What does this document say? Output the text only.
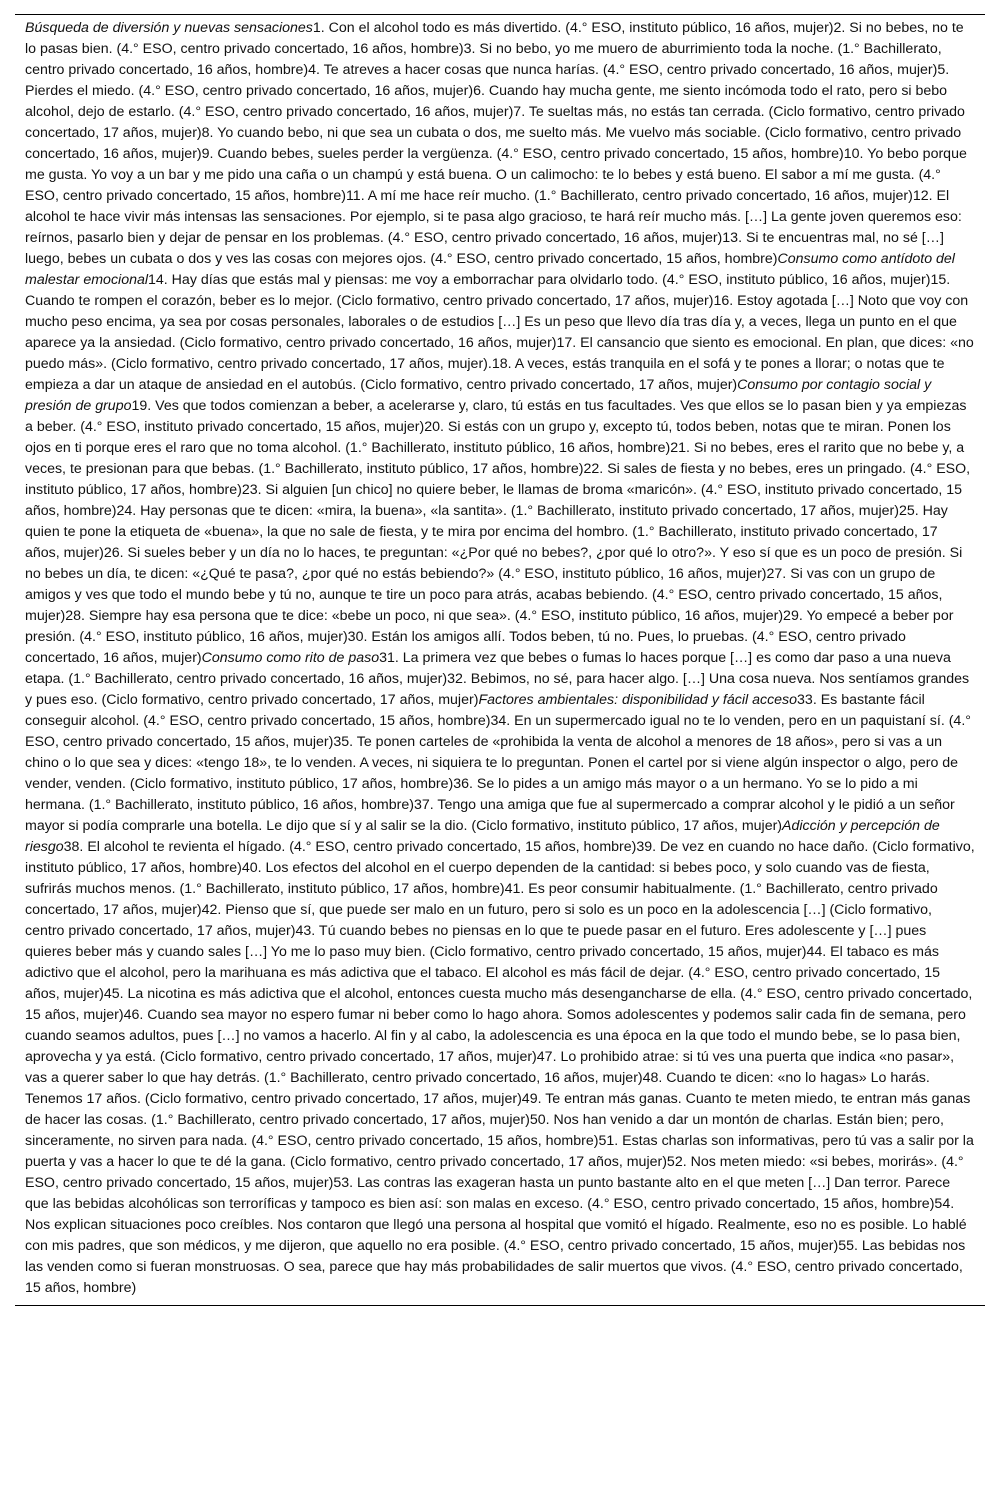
Búsqueda de diversión y nuevas sensaciones1. Con el alcohol todo es más divertido. (4.° ESO, instituto público, 16 años, mujer)2. Si no bebes, no te lo pasas bien. (4.° ESO, centro privado concertado, 16 años, hombre)3. Si no bebo, yo me muero de aburrimiento toda la noche. (1.° Bachillerato, centro privado concertado, 16 años, hombre)4. Te atreves a hacer cosas que nunca harías. (4.° ESO, centro privado concertado, 16 años, mujer)5. Pierdes el miedo. (4.° ESO, centro privado concertado, 16 años, mujer)6. Cuando hay mucha gente, me siento incómoda todo el rato, pero si bebo alcohol, dejo de estarlo. (4.° ESO, centro privado concertado, 16 años, mujer)7. Te sueltas más, no estás tan cerrada. (Ciclo formativo, centro privado concertado, 17 años, mujer)8. Yo cuando bebo, ni que sea un cubata o dos, me suelto más. Me vuelvo más sociable. (Ciclo formativo, centro privado concertado, 16 años, mujer)9. Cuando bebes, sueles perder la vergüenza. (4.° ESO, centro privado concertado, 15 años, hombre)10. Yo bebo porque me gusta. Yo voy a un bar y me pido una caña o un champú y está buena. O un calimocho: te lo bebes y está bueno. El sabor a mí me gusta. (4.° ESO, centro privado concertado, 15 años, hombre)11. A mí me hace reír mucho. (1.° Bachillerato, centro privado concertado, 16 años, mujer)12. El alcohol te hace vivir más intensas las sensaciones. Por ejemplo, si te pasa algo gracioso, te hará reír mucho más. […] La gente joven queremos eso: reírnos, pasarlo bien y dejar de pensar en los problemas. (4.° ESO, centro privado concertado, 16 años, mujer)13. Si te encuentras mal, no sé […] luego, bebes un cubata o dos y ves las cosas con mejores ojos. (4.° ESO, centro privado concertado, 15 años, hombre)Consumo como antídoto del malestar emocional14. Hay días que estás mal y piensas: me voy a emborrachar para olvidarlo todo. (4.° ESO, instituto público, 16 años, mujer)15. Cuando te rompen el corazón, beber es lo mejor. (Ciclo formativo, centro privado concertado, 17 años, mujer)16. Estoy agotada […] Noto que voy con mucho peso encima, ya sea por cosas personales, laborales o de estudios […] Es un peso que llevo día tras día y, a veces, llega un punto en el que aparece ya la ansiedad. (Ciclo formativo, centro privado concertado, 16 años, mujer)17. El cansancio que siento es emocional. En plan, que dices: «no puedo más». (Ciclo formativo, centro privado concertado, 17 años, mujer).18. A veces, estás tranquila en el sofá y te pones a llorar; o notas que te empieza a dar un ataque de ansiedad en el autobús. (Ciclo formativo, centro privado concertado, 17 años, mujer)Consumo por contagio social y presión de grupo19. Ves que todos comienzan a beber, a acelerarse y, claro, tú estás en tus facultades. Ves que ellos se lo pasan bien y ya empiezas a beber. (4.° ESO, instituto privado concertado, 15 años, mujer)20. Si estás con un grupo y, excepto tú, todos beben, notas que te miran. Ponen los ojos en ti porque eres el raro que no toma alcohol. (1.° Bachillerato, instituto público, 16 años, hombre)21. Si no bebes, eres el rarito que no bebe y, a veces, te presionan para que bebas. (1.° Bachillerato, instituto público, 17 años, hombre)22. Si sales de fiesta y no bebes, eres un pringado. (4.° ESO, instituto público, 17 años, hombre)23. Si alguien [un chico] no quiere beber, le llamas de broma «maricón». (4.° ESO, instituto privado concertado, 15 años, hombre)24. Hay personas que te dicen: «mira, la buena», «la santita». (1.° Bachillerato, instituto privado concertado, 17 años, mujer)25. Hay quien te pone la etiqueta de «buena», la que no sale de fiesta, y te mira por encima del hombro. (1.° Bachillerato, instituto privado concertado, 17 años, mujer)26. Si sueles beber y un día no lo haces, te preguntan: «¿Por qué no bebes?, ¿por qué lo otro?». Y eso sí que es un poco de presión. Si no bebes un día, te dicen: «¿Qué te pasa?, ¿por qué no estás bebiendo?» (4.° ESO, instituto público, 16 años, mujer)27. Si vas con un grupo de amigos y ves que todo el mundo bebe y tú no, aunque te tire un poco para atrás, acabas bebiendo. (4.° ESO, centro privado concertado, 15 años, mujer)28. Siempre hay esa persona que te dice: «bebe un poco, ni que sea». (4.° ESO, instituto público, 16 años, mujer)29. Yo empecé a beber por presión. (4.° ESO, instituto público, 16 años, mujer)30. Están los amigos allí. Todos beben, tú no. Pues, lo pruebas. (4.° ESO, centro privado concertado, 16 años, mujer)Consumo como rito de paso31. La primera vez que bebes o fumas lo haces porque […] es como dar paso a una nueva etapa. (1.° Bachillerato, centro privado concertado, 16 años, mujer)32. Bebimos, no sé, para hacer algo. […] Una cosa nueva. Nos sentíamos grandes y pues eso. (Ciclo formativo, centro privado concertado, 17 años, mujer)Factores ambientales: disponibilidad y fácil acceso33. Es bastante fácil conseguir alcohol. (4.° ESO, centro privado concertado, 15 años, hombre)34. En un supermercado igual no te lo venden, pero en un paquistaní sí. (4.° ESO, centro privado concertado, 15 años, mujer)35. Te ponen carteles de «prohibida la venta de alcohol a menores de 18 años», pero si vas a un chino o lo que sea y dices: «tengo 18», te lo venden. A veces, ni siquiera te lo preguntan. Ponen el cartel por si viene algún inspector o algo, pero de vender, venden. (Ciclo formativo, instituto público, 17 años, hombre)36. Se lo pides a un amigo más mayor o a un hermano. Yo se lo pido a mi hermana. (1.° Bachillerato, instituto público, 16 años, hombre)37. Tengo una amiga que fue al supermercado a comprar alcohol y le pidió a un señor mayor si podía comprarle una botella. Le dijo que sí y al salir se la dio. (Ciclo formativo, instituto público, 17 años, mujer)Adicción y percepción de riesgo38. El alcohol te revienta el hígado. (4.° ESO, centro privado concertado, 15 años, hombre)39. De vez en cuando no hace daño. (Ciclo formativo, instituto público, 17 años, hombre)40. Los efectos del alcohol en el cuerpo dependen de la cantidad: si bebes poco, y solo cuando vas de fiesta, sufrirás muchos menos. (1.° Bachillerato, instituto público, 17 años, hombre)41. Es peor consumir habitualmente. (1.° Bachillerato, centro privado concertado, 17 años, mujer)42. Pienso que sí, que puede ser malo en un futuro, pero si solo es un poco en la adolescencia […] (Ciclo formativo, centro privado concertado, 17 años, mujer)43. Tú cuando bebes no piensas en lo que te puede pasar en el futuro. Eres adolescente y […] pues quieres beber más y cuando sales […] Yo me lo paso muy bien. (Ciclo formativo, centro privado concertado, 15 años, mujer)44. El tabaco es más adictivo que el alcohol, pero la marihuana es más adictiva que el tabaco. El alcohol es más fácil de dejar. (4.° ESO, centro privado concertado, 15 años, mujer)45. La nicotina es más adictiva que el alcohol, entonces cuesta mucho más desengancharse de ella. (4.° ESO, centro privado concertado, 15 años, mujer)46. Cuando sea mayor no espero fumar ni beber como lo hago ahora. Somos adolescentes y podemos salir cada fin de semana, pero cuando seamos adultos, pues […] no vamos a hacerlo. Al fin y al cabo, la adolescencia es una época en la que todo el mundo bebe, se lo pasa bien, aprovecha y ya está. (Ciclo formativo, centro privado concertado, 17 años, mujer)47. Lo prohibido atrae: si tú ves una puerta que indica «no pasar», vas a querer saber lo que hay detrás. (1.° Bachillerato, centro privado concertado, 16 años, mujer)48. Cuando te dicen: «no lo hagas» Lo harás. Tenemos 17 años. (Ciclo formativo, centro privado concertado, 17 años, mujer)49. Te entran más ganas. Cuanto te meten miedo, te entran más ganas de hacer las cosas. (1.° Bachillerato, centro privado concertado, 17 años, mujer)50. Nos han venido a dar un montón de charlas. Están bien; pero, sinceramente, no sirven para nada. (4.° ESO, centro privado concertado, 15 años, hombre)51. Estas charlas son informativas, pero tú vas a salir por la puerta y vas a hacer lo que te dé la gana. (Ciclo formativo, centro privado concertado, 17 años, mujer)52. Nos meten miedo: «si bebes, morirás». (4.° ESO, centro privado concertado, 15 años, mujer)53. Las contras las exageran hasta un punto bastante alto en el que meten […] Dan terror. Parece que las bebidas alcohólicas son terroríficas y tampoco es bien así: son malas en exceso. (4.° ESO, centro privado concertado, 15 años, hombre)54. Nos explican situaciones poco creíbles. Nos contaron que llegó una persona al hospital que vomitó el hígado. Realmente, eso no es posible. Lo hablé con mis padres, que son médicos, y me dijeron, que aquello no era posible. (4.° ESO, centro privado concertado, 15 años, mujer)55. Las bebidas nos las venden como si fueran monstruosas. O sea, parece que hay más probabilidades de salir muertos que vivos. (4.° ESO, centro privado concertado, 15 años, hombre)
